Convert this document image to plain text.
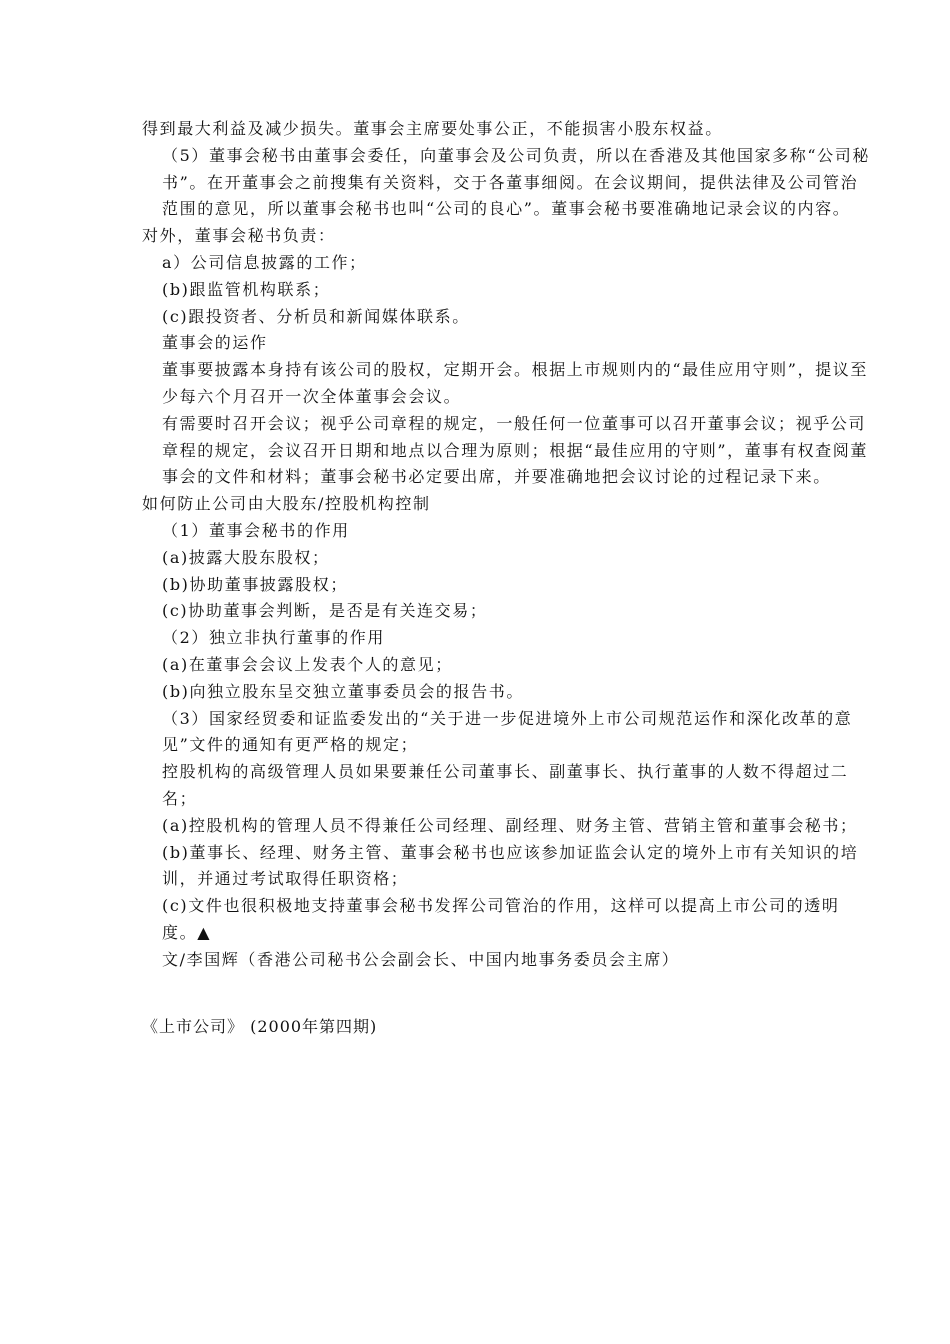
得到最大利益及减少损失。董事会主席要处事公正，不能损害小股东权益。

（5）董事会秘书由董事会委任，向董事会及公司负责，所以在香港及其他国家多称“公司秘书”。在开董事会之前搜集有关资料，交于各董事细阅。在会议期间，提供法律及公司管治范围的意见，所以董事会秘书也叫“公司的良心”。董事会秘书要准确地记录会议的内容。

对外，董事会秘书负责：

a）公司信息披露的工作；

(b)跟监管机构联系；

(c)跟投资者、分析员和新闻媒体联系。

董事会的运作

董事要披露本身持有该公司的股权，定期开会。根据上市规则内的“最佳应用守则”，提议至少每六个月召开一次全体董事会会议。

有需要时召开会议；视乎公司章程的规定，一般任何一位董事可以召开董事会议；视乎公司章程的规定，会议召开日期和地点以合理为原则；根据“最佳应用的守则”，董事有权查阅董事会的文件和材料；董事会秘书必定要出席，并要准确地把会议讨论的过程记录下来。

如何防止公司由大股东/控股机构控制

（1）董事会秘书的作用

(a)披露大股东股权；

(b)协助董事披露股权；

(c)协助董事会判断，是否是有关连交易；

（2）独立非执行董事的作用

(a)在董事会会议上发表个人的意见；

(b)向独立股东呈交独立董事委员会的报告书。

（3）国家经贸委和证监委发出的“关于进一步促进境外上市公司规范运作和深化改革的意见”文件的通知有更严格的规定；

控股机构的高级管理人员如果要兼任公司董事长、副董事长、执行董事的人数不得超过二名；

(a)控股机构的管理人员不得兼任公司经理、副经理、财务主管、营销主管和董事会秘书；

(b)董事长、经理、财务主管、董事会秘书也应该参加证监会认定的境外上市有关知识的培训，并通过考试取得任职资格；

(c)文件也很积极地支持董事会秘书发挥公司管治的作用，这样可以提高上市公司的透明度。▲

文/李国辉（香港公司秘书公会副会长、中国内地事务委员会主席）

《上市公司》 (2000年第四期)
